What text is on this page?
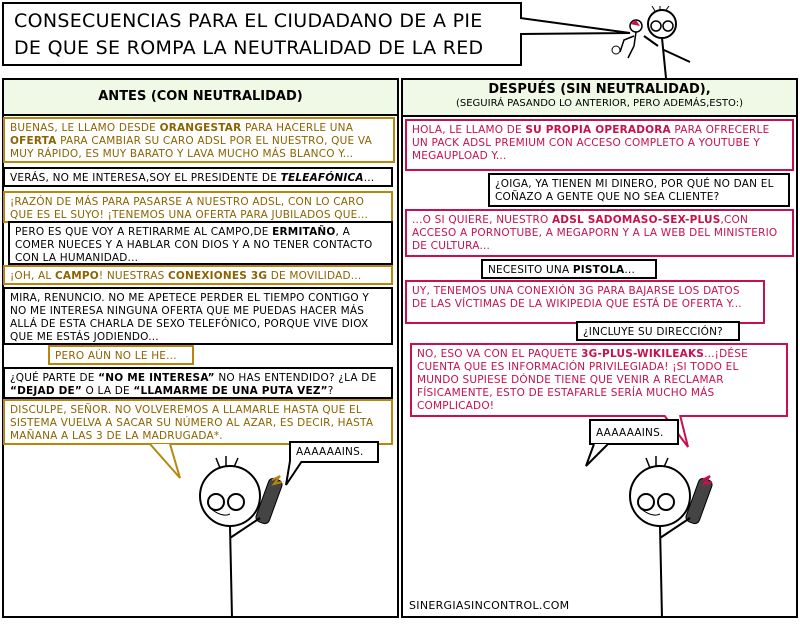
CONSECUENCIAS PARA EL CIUDADANO DE A PIE
DE QUE SE ROMPA LA NEUTRALIDAD DE LA RED
ANTES (CON NEUTRALIDAD)
BUENAS, LE LLAMO DESDE ORANGESTAR PARA HACERLE UNA OFERTA PARA CAMBIAR SU CARO ADSL POR EL NUESTRO, QUE VA MUY RÁPIDO, ES MUY BARATO Y LAVA MUCHO MÁS BLANCO Y...
VERÁS, NO ME INTERESA,SOY EL PRESIDENTE DE TELEAFÓNICA...
¡RAZÓN DE MÁS PARA PASARSE A NUESTRO ADSL, CON LO CARO QUE ES EL SUYO! ¡TENEMOS UNA OFERTA PARA JUBILADOS QUE...
PERO ES QUE VOY A RETIRARME AL CAMPO,DE ERMITAÑO, A COMER NUECES Y A HABLAR CON DIOS Y A NO TENER CONTACTO CON LA HUMANIDAD...
¡OH, AL CAMPO! NUESTRAS CONEXIONES 3G DE MOVILIDAD...
MIRA, RENUNCIO. NO ME APETECE PERDER EL TIEMPO CONTIGO Y NO ME INTERESA NINGUNA OFERTA QUE ME PUEDAS HACER MÁS ALLÁ DE ESTA CHARLA DE SEXO TELEFÓNICO, PORQUE VIVE DIOX QUE ME ESTÁS JODIENDO...
PERO AÚN NO LE HE...
¿QUÉ PARTE DE “NO ME INTERESA” NO HAS ENTENDIDO? ¿LA DE “DEJAD DE” O LA DE “LLAMARME DE UNA PUTA VEZ”?
DISCULPE, SEÑOR. NO VOLVEREMOS A LLAMARLE HASTA QUE EL SISTEMA VUELVA A SACAR SU NÚMERO AL AZAR, ES DECIR, HASTA MAÑANA A LAS 3 DE LA MADRUGADA*.
AAAAAAINS.
DESPUÉS (SIN NEUTRALIDAD),
(SEGUIRÁ PASANDO LO ANTERIOR, PERO ADEMÁS,ESTO:)
HOLA, LE LLAMO DE SU PROPIA OPERADORA PARA OFRECERLE UN PACK ADSL PREMIUM CON ACCESO COMPLETO A YOUTUBE Y MEGAUPLOAD Y...
¿OIGA, YA TIENEN MI DINERO, POR QUÉ NO DAN EL COÑAZO A GENTE QUE NO SEA CLIENTE?
...O SI QUIERE, NUESTRO ADSL SADOMASO-SEX-PLUS,CON ACCESO A PORNOTUBE, A MEGAPORN Y A LA WEB DEL MINISTERIO DE CULTURA...
NECESITO UNA PISTOLA...
UY, TENEMOS UNA CONEXIÓN 3G PARA BAJARSE LOS DATOS DE LAS VÍCTIMAS DE LA WIKIPEDIA QUE ESTÁ DE OFERTA Y...
¿INCLUYE SU DIRECCIÓN?
NO, ESO VA CON EL PAQUETE 3G-PLUS-WIKILEAKS...¡DÉSE CUENTA QUE ES INFORMACIÓN PRIVILEGIADA! ¡SI TODO EL MUNDO SUPIESE DÓNDE TIENE QUE VENIR A RECLAMAR FÍSICAMENTE, ESTO DE ESTAFARLE SERÍA MUCHO MÁS COMPLICADO!
AAAAAAINS.
SINERGIASINCONTROL.COM
